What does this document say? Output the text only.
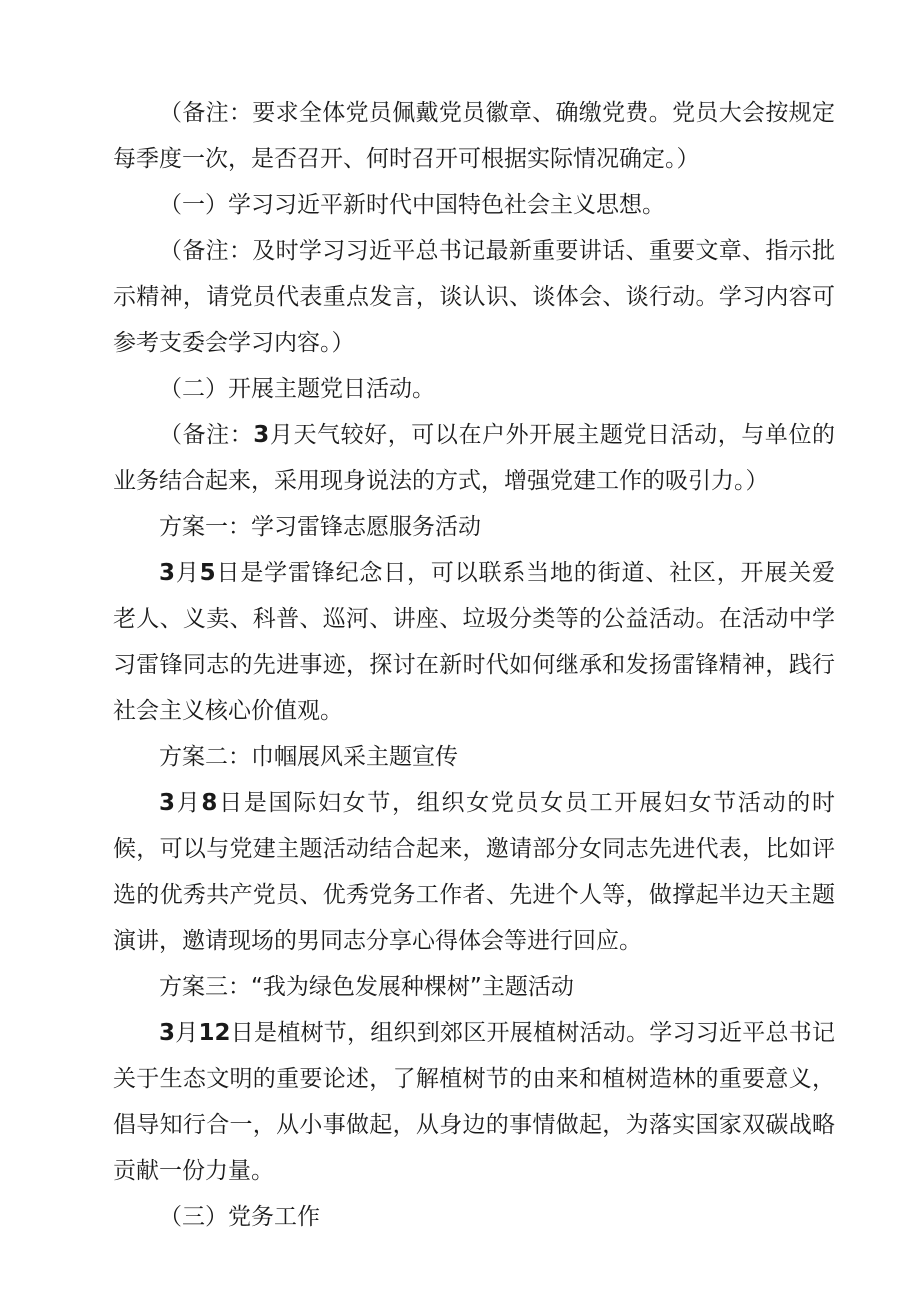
（备注：要求全体党员佩戴党员徽章、确缴党费。党员大会按规定每季度一次，是否召开、何时召开可根据实际情况确定。）

（一）学习习近平新时代中国特色社会主义思想。

（备注：及时学习习近平总书记最新重要讲话、重要文章、指示批示精神，请党员代表重点发言，谈认识、谈体会、谈行动。学习内容可参考支委会学习内容。）

（二）开展主题党日活动。

（备注：3月天气较好，可以在户外开展主题党日活动，与单位的业务结合起来，采用现身说法的方式，增强党建工作的吸引力。）

方案一：学习雷锋志愿服务活动

3月5日是学雷锋纪念日，可以联系当地的街道、社区，开展关爱老人、义卖、科普、巡河、讲座、垃圾分类等的公益活动。在活动中学习雷锋同志的先进事迹，探讨在新时代如何继承和发扬雷锋精神，践行社会主义核心价值观。

方案二：巾帼展风采主题宣传

3月8日是国际妇女节，组织女党员女员工开展妇女节活动的时候，可以与党建主题活动结合起来，邀请部分女同志先进代表，比如评选的优秀共产党员、优秀党务工作者、先进个人等，做撑起半边天主题演讲，邀请现场的男同志分享心得体会等进行回应。

方案三：“我为绿色发展种棵树”主题活动

3月12日是植树节，组织到郊区开展植树活动。学习习近平总书记关于生态文明的重要论述，了解植树节的由来和植树造林的重要意义，倡导知行合一，从小事做起，从身边的事情做起，为落实国家双碳战略贡献一份力量。

（三）党务工作
